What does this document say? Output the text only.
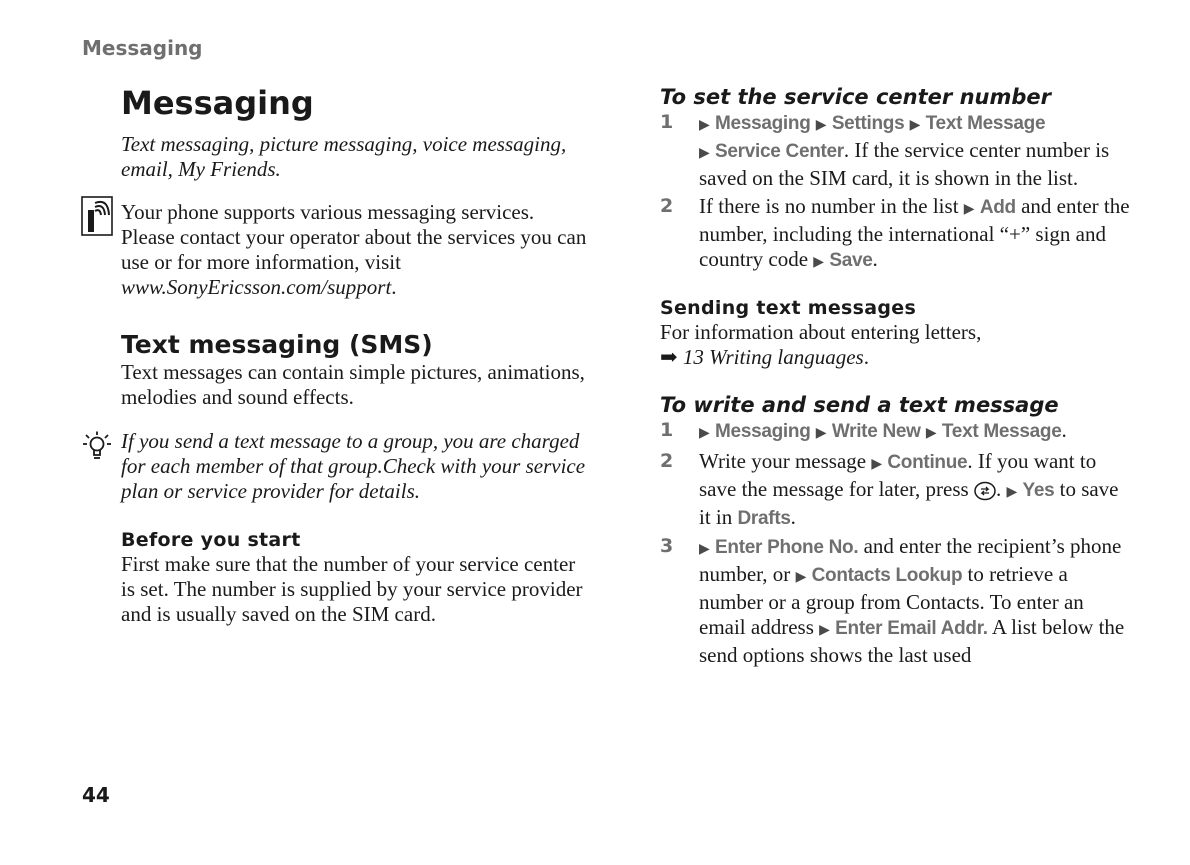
Messaging
Messaging

Text messaging, picture messaging, voice messaging, email, My Friends.

Your phone supports various messaging services. Please contact your operator about the services you can use or for more information, visit www.SonyEricsson.com/support.

Text messaging (SMS)

Text messages can contain simple pictures, animations, melodies and sound effects.

If you send a text message to a group, you are charged for each member of that group.Check with your service plan or service provider for details.

Before you start

First make sure that the number of your service center is set. The number is supplied by your service provider and is usually saved on the SIM card.

To set the service center number
1 ▶ Messaging ▶ Settings ▶ Text Message
▶ Service Center. If the service center number is saved on the SIM card, it is shown in the list.
2 If there is no number in the list ▶ Add and enter the number, including the international “+” sign and country code ▶ Save.
Sending text messages

For information about entering letters,

➡ 13 Writing languages.

To write and send a text message
1 ▶ Messaging ▶ Write New ▶ Text Message.
2 Write your message ▶ Continue. If you want to save the message for later, press . ▶ Yes to save it in Drafts.
3 ▶ Enter Phone No. and enter the recipient’s phone number, or ▶ Contacts Lookup to retrieve a number or a group from Contacts. To enter an email address ▶ Enter Email Addr. A list below the send options shows the last used
44
